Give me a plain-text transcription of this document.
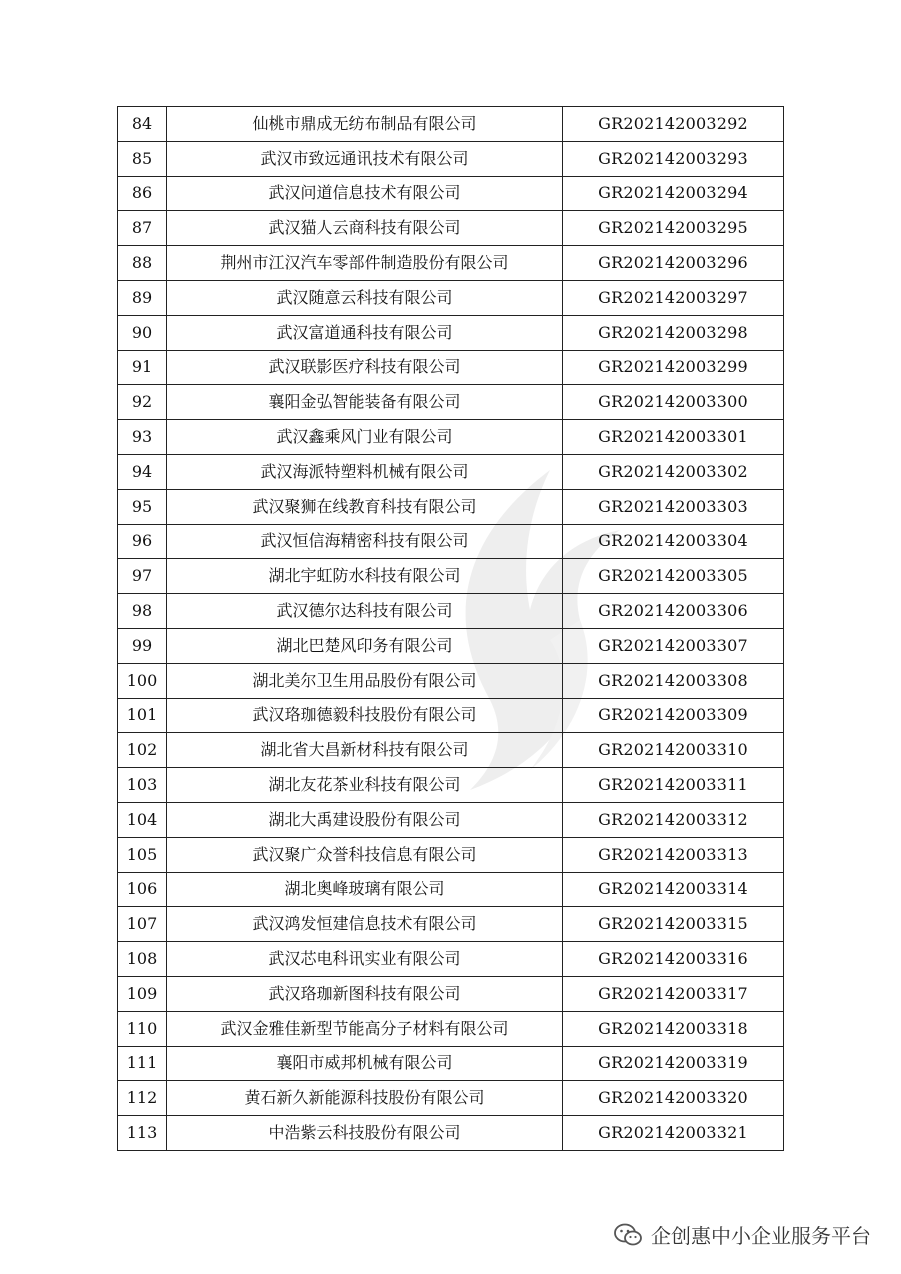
84	仙桃市鼎成无纺布制品有限公司	GR202142003292
85	武汉市致远通讯技术有限公司	GR202142003293
86	武汉问道信息技术有限公司	GR202142003294
87	武汉猫人云商科技有限公司	GR202142003295
88	荆州市江汉汽车零部件制造股份有限公司	GR202142003296
89	武汉随意云科技有限公司	GR202142003297
90	武汉富道通科技有限公司	GR202142003298
91	武汉联影医疗科技有限公司	GR202142003299
92	襄阳金弘智能装备有限公司	GR202142003300
93	武汉鑫乘风门业有限公司	GR202142003301
94	武汉海派特塑料机械有限公司	GR202142003302
95	武汉聚狮在线教育科技有限公司	GR202142003303
96	武汉恒信海精密科技有限公司	GR202142003304
97	湖北宇虹防水科技有限公司	GR202142003305
98	武汉德尔达科技有限公司	GR202142003306
99	湖北巴楚风印务有限公司	GR202142003307
100	湖北美尔卫生用品股份有限公司	GR202142003308
101	武汉珞珈德毅科技股份有限公司	GR202142003309
102	湖北省大昌新材科技有限公司	GR202142003310
103	湖北友花茶业科技有限公司	GR202142003311
104	湖北大禹建设股份有限公司	GR202142003312
105	武汉聚广众誉科技信息有限公司	GR202142003313
106	湖北奥峰玻璃有限公司	GR202142003314
107	武汉鸿发恒建信息技术有限公司	GR202142003315
108	武汉芯电科讯实业有限公司	GR202142003316
109	武汉珞珈新图科技有限公司	GR202142003317
110	武汉金雅佳新型节能高分子材料有限公司	GR202142003318
111	襄阳市威邦机械有限公司	GR202142003319
112	黄石新久新能源科技股份有限公司	GR202142003320
113	中浩紫云科技股份有限公司	GR202142003321
企创惠中小企业服务平台
